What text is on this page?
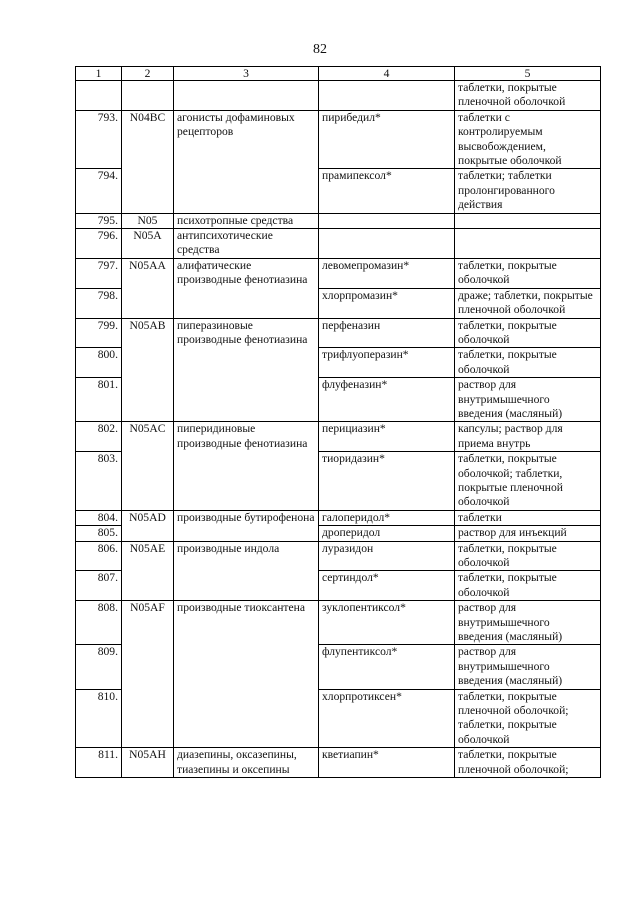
82
1	2	3	4	5
				таблетки, покрытые пленочной оболочкой
793.	N04BC	агонисты дофаминовых рецепторов	пирибедил*	таблетки с контролируемым высвобождением, покрытые оболочкой
794.			прамипексол*	таблетки; таблетки пролонгированного действия
795.	N05	психотропные средства		
796.	N05A	антипсихотические средства		
797.	N05AA	алифатические производные фенотиазина	левомепромазин*	таблетки, покрытые оболочкой
798.			хлорпромазин*	драже; таблетки, покрытые пленочной оболочкой
799.	N05AB	пиперазиновые производные фенотиазина	перфеназин	таблетки, покрытые оболочкой
800.			трифлуоперазин*	таблетки, покрытые оболочкой
801.			флуфеназин*	раствор для внутримышечного введения (масляный)
802.	N05AC	пиперидиновые производные фенотиазина	перициазин*	капсулы; раствор для приема внутрь
803.			тиоридазин*	таблетки, покрытые оболочкой; таблетки, покрытые пленочной оболочкой
804.	N05AD	производные бутирофенона	галоперидол*	таблетки
805.			дроперидол	раствор для инъекций
806.	N05AE	производные индола	луразидон	таблетки, покрытые оболочкой
807.			сертиндол*	таблетки, покрытые оболочкой
808.	N05AF	производные тиоксантена	зуклопентиксол*	раствор для внутримышечного введения (масляный)
809.			флупентиксол*	раствор для внутримышечного введения (масляный)
810.			хлорпротиксен*	таблетки, покрытые пленочной оболочкой; таблетки, покрытые оболочкой
811.	N05AH	диазепины, оксазепины, тиазепины и оксепины	кветиапин*	таблетки, покрытые пленочной оболочкой;
